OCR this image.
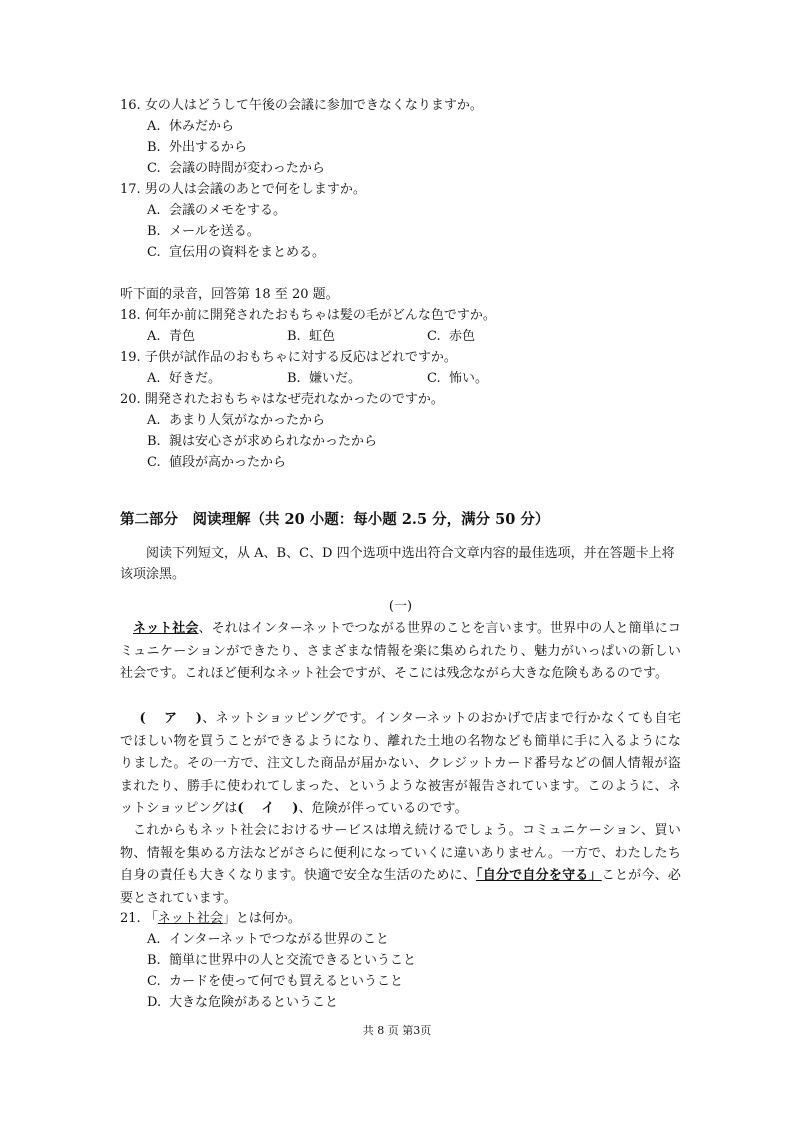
16. 女の人はどうして午後の会議に参加できなくなりますか。
A. 休みだから
B. 外出するから
C. 会議の時間が変わったから
17. 男の人は会議のあとで何をしますか。
A. 会議のメモをする。
B. メールを送る。
C. 宣伝用の資料をまとめる。
听下面的录音，回答第 18 至 20 题。
18. 何年か前に開発されたおもちゃは髪の毛がどんな色ですか。
A. 青色	B. 虹色	C. 赤色
19. 子供が試作品のおもちゃに対する反応はどれですか。
A. 好きだ。	B. 嫌いだ。	C. 怖い。
20. 開発されたおもちゃはなぜ売れなかったのですか。
A. あまり人気がなかったから
B. 親は安心さが求められなかったから
C. 値段が高かったから
第二部分　阅读理解（共 20 小题：每小题 2.5 分，满分 50 分）
阅读下列短文，从 A、B、C、D 四个选项中选出符合文章内容的最佳选项，并在答题卡上将该项涂黑。
(一)
ネット社会、それはインターネットでつながる世界のことを言います。世界中の人と簡単にコミュニケーションができたり、さまざまな情報を楽に集められたり、魅力がいっぱいの新しい社会です。これほど便利なネット社会ですが、そこには残念ながら大きな危険もあるのです。
( 　ア　 )、ネットショッピングです。インターネットのおかげで店まで行かなくても自宅でほしい物を買うことができるようになり、離れた土地の名物なども簡単に手に入るようになりました。その一方で、注文した商品が届かない、クレジットカード番号などの個人情報が盗まれたり、勝手に使われてしまった、というような被害が報告されています。このように、ネットショッピングは( 　イ　 )、危険が伴っているのです。
これからもネット社会におけるサービスは増え続けるでしょう。コミュニケーション、買い物、情報を集める方法などがさらに便利になっていくに違いありません。一方で、わたしたち自身の責任も大きくなります。快適で安全な生活のために、「自分で自分を守る」ことが今、必要とされています。
21. 「ネット社会」とは何か。
A. インターネットでつながる世界のこと
B. 簡単に世界中の人と交流できるということ
C. カードを使って何でも買えるということ
D. 大きな危険があるということ
共 8 页 第3页
